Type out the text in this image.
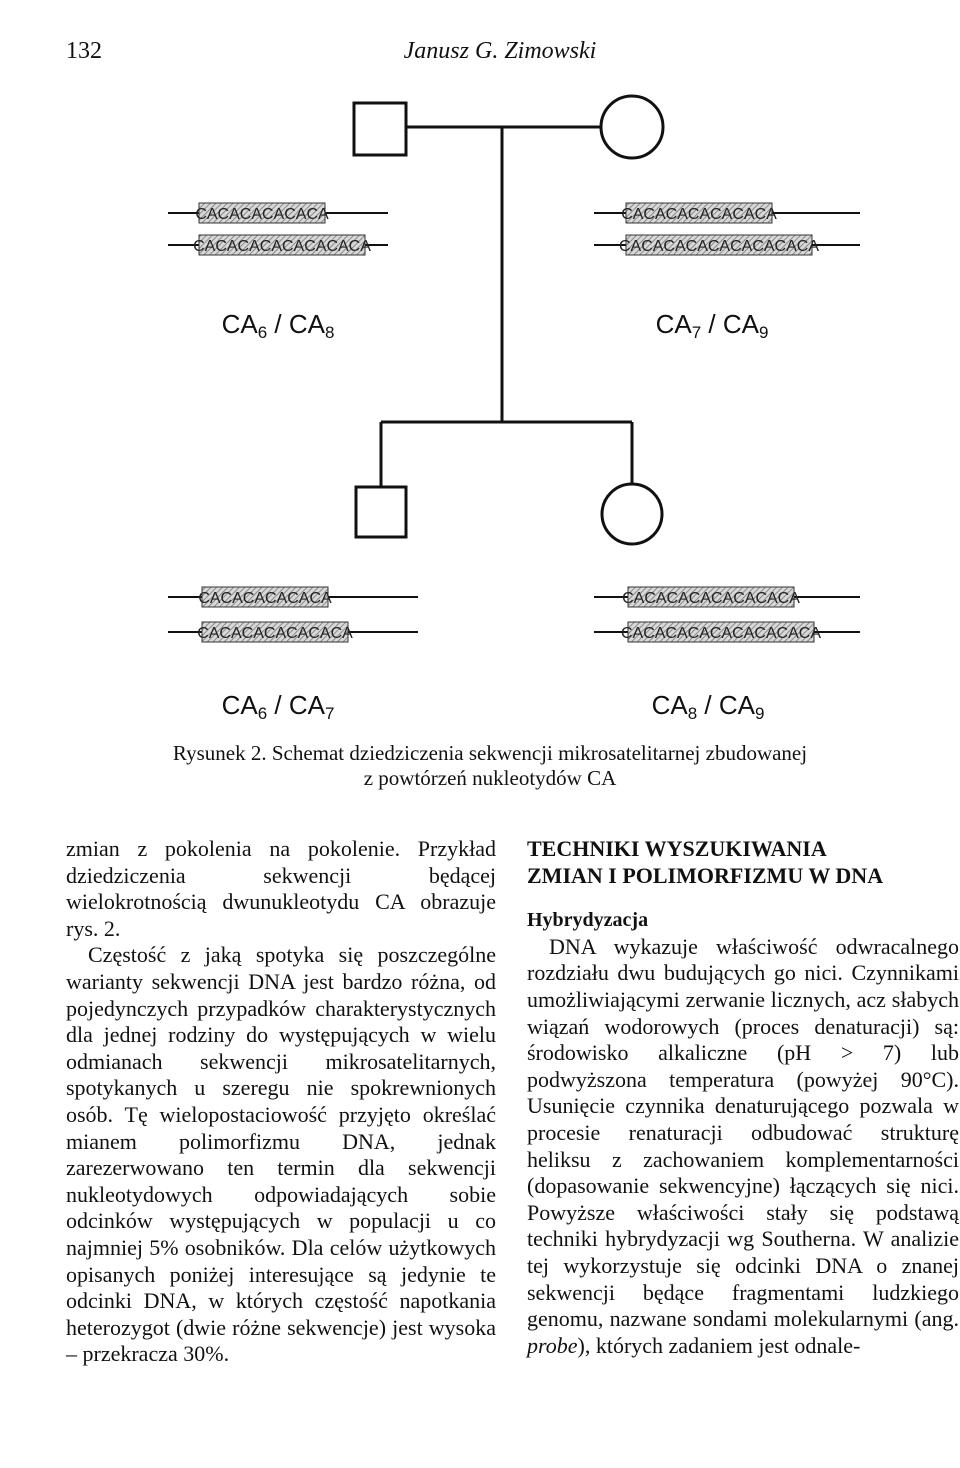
132	Janusz G. Zimowski
CACACACACACA
CACACACACACACACA
CACACACACACACA
CACACACACACACACACA
CACACACACACA
CACACACACACACA
CACACACACACACACA
CACACACACACACACACA
CA6 / CA8	CA7 / CA9
CA6 / CA7	CA8 / CA9
Rysunek 2. Schemat dziedziczenia sekwencji mikrosatelitarnej zbudowanej
z powtórzeń nukleotydów CA

zmian z pokolenia na pokolenie. Przykład dziedziczenia sekwencji będącej wielokrotnością dwunukleotydu CA obrazuje rys. 2.

Częstość z jaką spotyka się poszczególne warianty sekwencji DNA jest bardzo różna, od pojedynczych przypadków charakterystycznych dla jednej rodziny do występujących w wielu odmianach sekwencji mikrosatelitarnych, spotykanych u szeregu nie spokrewnionych osób. Tę wielopostaciowość przyjęto określać mianem polimorfizmu DNA, jednak zarezerwowano ten termin dla sekwencji nukleotydowych odpowiadających sobie odcinków występujących w populacji u co najmniej 5% osobników. Dla celów użytkowych opisanych poniżej interesujące są jedynie te odcinki DNA, w których częstość napotkania heterozygot (dwie różne sekwencje) jest wysoka – przekracza 30%.

TECHNIKI WYSZUKIWANIA
ZMIAN I POLIMORFIZMU W DNA
Hybrydyzacja

DNA wykazuje właściwość odwracalnego rozdziału dwu budujących go nici. Czynnikami umożliwiającymi zerwanie licznych, acz słabych wiązań wodorowych (proces denaturacji) są: środowisko alkaliczne (pH > 7) lub podwyższona temperatura (powyżej 90°C). Usunięcie czynnika denaturującego pozwala w procesie renaturacji odbudować strukturę heliksu z zachowaniem komplementarności (dopasowanie sekwencyjne) łączących się nici. Powyższe właściwości stały się podstawą techniki hybrydyzacji wg Southerna. W analizie tej wykorzystuje się odcinki DNA o znanej sekwencji będące fragmentami ludzkiego genomu, nazwane sondami molekularnymi (ang. probe), których zadaniem jest odnale-
